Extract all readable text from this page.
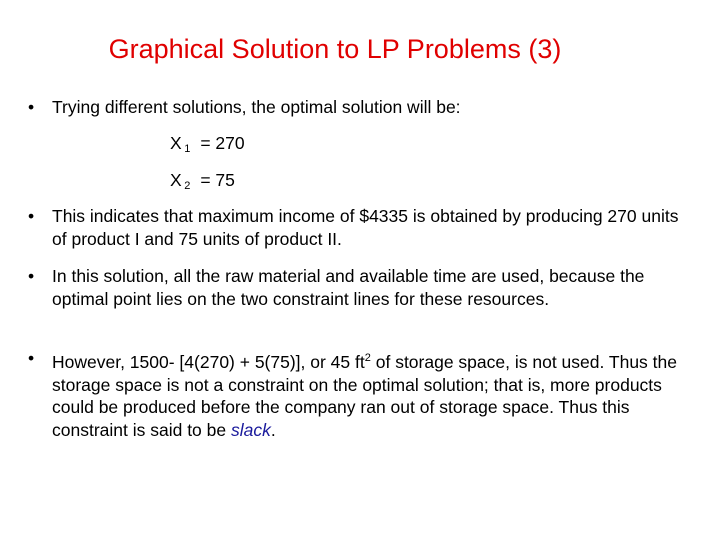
Graphical Solution to LP Problems (3)
• Trying different solutions, the optimal solution will be:
X $_1$ = 270
X $_2$ = 75
• This indicates that maximum income of $4335 is obtained by producing 270 units of product I and 75 units of product II.
• In this solution, all the raw material and available time are used, because the optimal point lies on the two constraint lines for these resources.
• However, 1500- [4(270) + 5(75)], or 45 $ft^2$ of storage space, is not used. Thus the storage space is not a constraint on the optimal solution; that is, more products could be produced before the company ran out of storage space. Thus this constraint is said to be slack.
